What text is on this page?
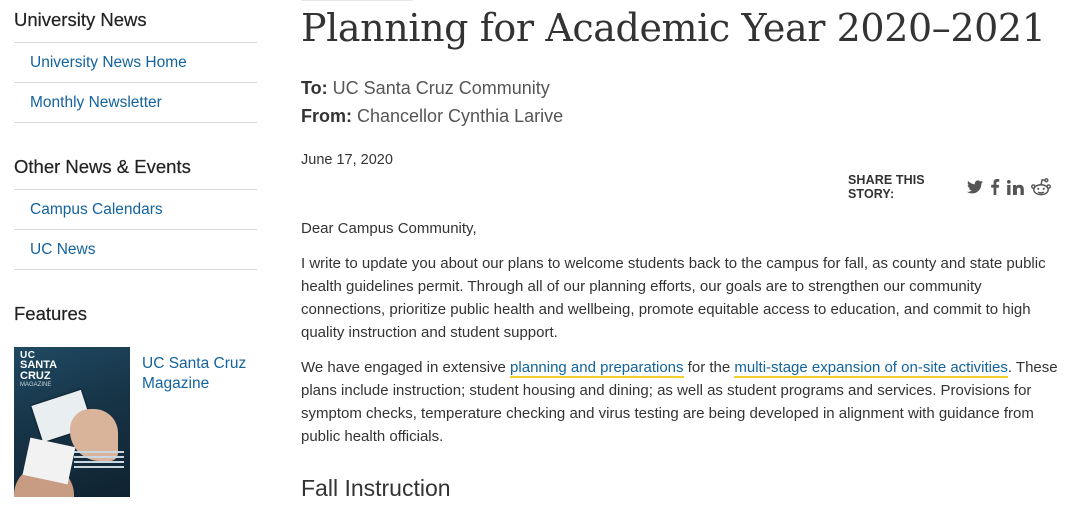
University News
University News Home
Monthly Newsletter
Other News & Events
Campus Calendars
UC News
Features
UC
SANTA
CRUZ
MAGAZINE
UC Santa Cruz Magazine
Planning for Academic Year 2020–2021
To: UC Santa Cruz Community
From: Chancellor Cynthia Larive
June 17, 2020
SHARE THIS STORY:

Dear Campus Community,

I write to update you about our plans to welcome students back to the campus for fall, as county and state public health guidelines permit. Through all of our planning efforts, our goals are to strengthen our community connections, prioritize public health and wellbeing, promote equitable access to education, and commit to high quality instruction and student support.

We have engaged in extensive planning and preparations for the multi-stage expansion of on-site activities. These plans include instruction; student housing and dining; as well as student programs and services. Provisions for symptom checks, temperature checking and virus testing are being developed in alignment with guidance from public health officials.

Fall Instruction
